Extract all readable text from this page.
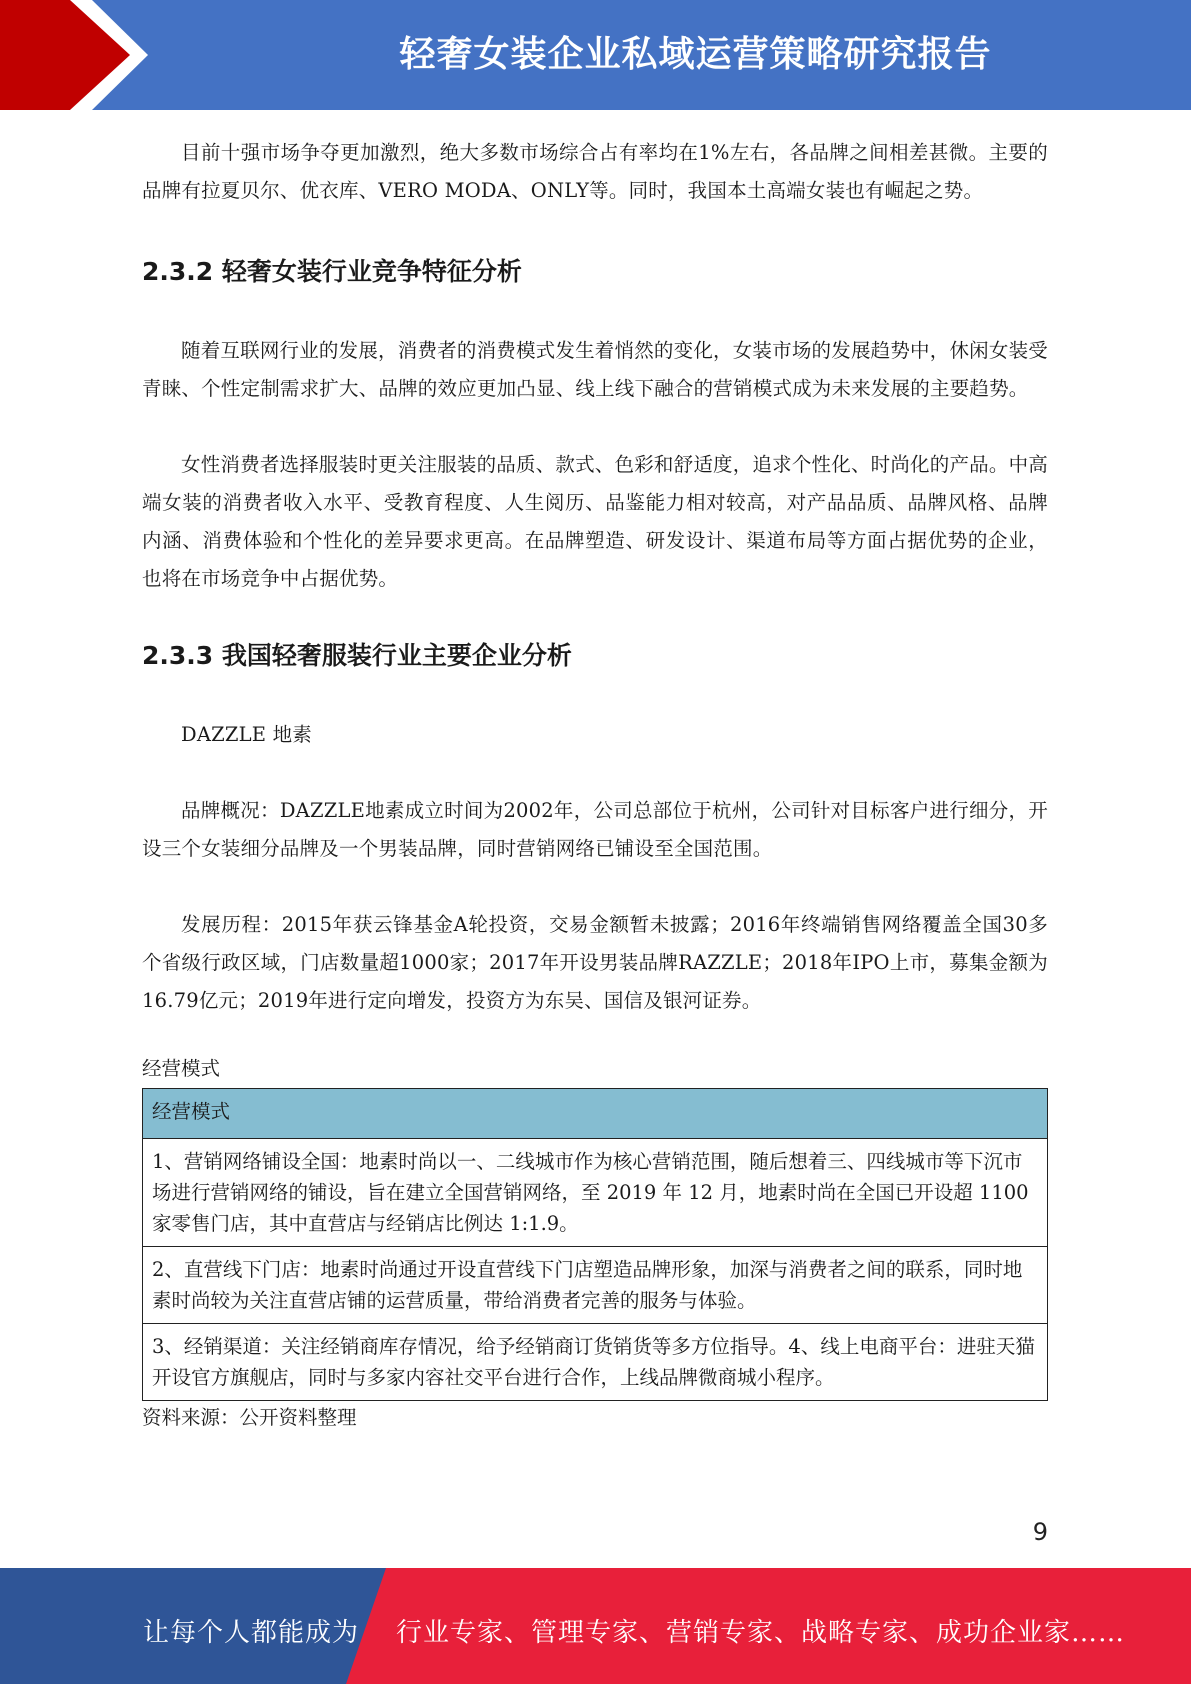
轻奢女装企业私域运营策略研究报告

目前十强市场争夺更加激烈，绝大多数市场综合占有率均在1%左右，各品牌之间相差甚微。主要的品牌有拉夏贝尔、优衣库、VERO MODA、ONLY等。同时，我国本土高端女装也有崛起之势。

2.3.2 轻奢女装行业竞争特征分析

随着互联网行业的发展，消费者的消费模式发生着悄然的变化，女装市场的发展趋势中，休闲女装受青睐、个性定制需求扩大、品牌的效应更加凸显、线上线下融合的营销模式成为未来发展的主要趋势。

女性消费者选择服装时更关注服装的品质、款式、色彩和舒适度，追求个性化、时尚化的产品。中高端女装的消费者收入水平、受教育程度、人生阅历、品鉴能力相对较高，对产品品质、品牌风格、品牌内涵、消费体验和个性化的差异要求更高。在品牌塑造、研发设计、渠道布局等方面占据优势的企业，也将在市场竞争中占据优势。

2.3.3 我国轻奢服装行业主要企业分析

DAZZLE 地素

品牌概况：DAZZLE地素成立时间为2002年，公司总部位于杭州，公司针对目标客户进行细分，开设三个女装细分品牌及一个男装品牌，同时营销网络已铺设至全国范围。

发展历程：2015年获云锋基金A轮投资，交易金额暂未披露；2016年终端销售网络覆盖全国30多个省级行政区域，门店数量超1000家；2017年开设男装品牌RAZZLE；2018年IPO上市，募集金额为16.79亿元；2019年进行定向增发，投资方为东吴、国信及银河证券。

经营模式

经营模式
1、营销网络铺设全国：地素时尚以一、二线城市作为核心营销范围，随后想着三、四线城市等下沉市场进行营销网络的铺设，旨在建立全国营销网络，至 2019 年 12 月，地素时尚在全国已开设超 1100 家零售门店，其中直营店与经销店比例达 1:1.9。
2、直营线下门店：地素时尚通过开设直营线下门店塑造品牌形象，加深与消费者之间的联系，同时地素时尚较为关注直营店铺的运营质量，带给消费者完善的服务与体验。
3、经销渠道：关注经销商库存情况，给予经销商订货销货等多方位指导。4、线上电商平台：进驻天猫开设官方旗舰店，同时与多家内容社交平台进行合作，上线品牌微商城小程序。

资料来源：公开资料整理

9
让每个人都能成为 行业专家、管理专家、营销专家、战略专家、成功企业家……
